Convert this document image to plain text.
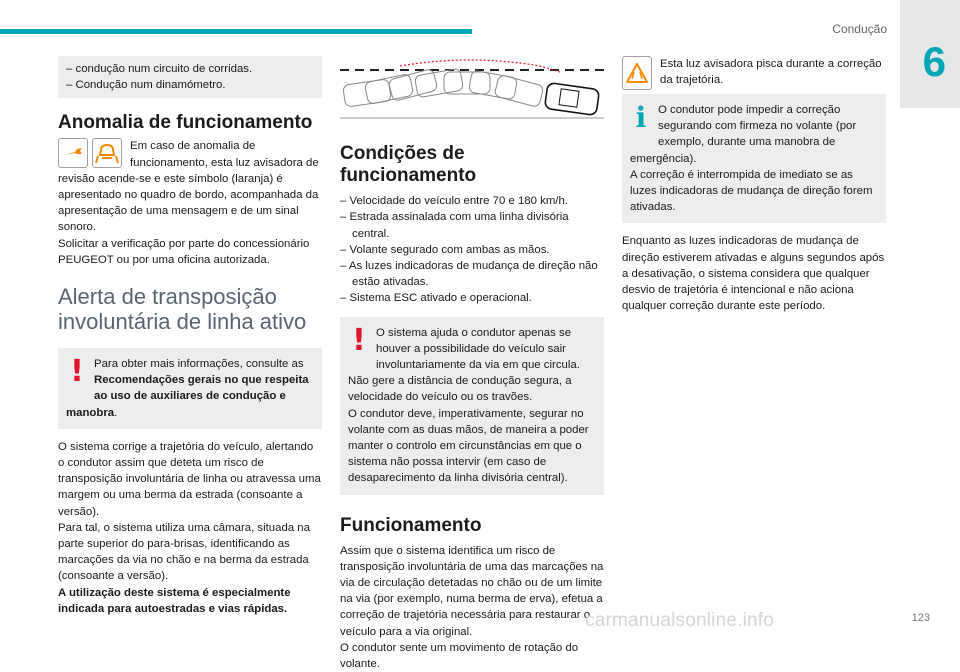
Condução
6
– condução num circuito de corridas.
– Condução num dinamómetro.
Anomalia de funcionamento

Em caso de anomalia de funcionamento, esta luz avisadora de revisão acende-se e este símbolo (laranja) é apresentado no quadro de bordo, acompanhada da apresentação de uma mensagem e de um sinal sonoro.

Solicitar a verificação por parte do concessionário PEUGEOT ou por uma oficina autorizada.

Alerta de transposição involuntária de linha ativo
! Para obter mais informações, consulte as Recomendações gerais no que respeita ao uso de auxiliares de condução e manobra.

O sistema corrige a trajetória do veículo, alertando o condutor assim que deteta um risco de transposição involuntária de linha ou atravessa uma margem ou uma berma da estrada (consoante a versão).

Para tal, o sistema utiliza uma câmara, situada na parte superior do para-brisas, identificando as marcações da via no chão e na berma da estrada (consoante a versão).

A utilização deste sistema é especialmente indicada para autoestradas e vias rápidas.

Condições de funcionamento
– Velocidade do veículo entre 70 e 180 km/h.
– Estrada assinalada com uma linha divisória central.
– Volante segurado com ambas as mãos.
– As luzes indicadoras de mudança de direção não estão ativadas.
– Sistema ESC ativado e operacional.
! O sistema ajuda o condutor apenas se houver a possibilidade do veículo sair involuntariamente da via em que circula. Não gere a distância de condução segura, a velocidade do veículo ou os travões.

O condutor deve, imperativamente, segurar no volante com as duas mãos, de maneira a poder manter o controlo em circunstâncias em que o sistema não possa intervir (em caso de desaparecimento da linha divisória central).

Funcionamento

Assim que o sistema identifica um risco de transposição involuntária de uma das marcações na via de circulação detetadas no chão ou de um limite na via (por exemplo, numa berma de erva), efetua a correção de trajetória necessária para restaurar o veículo para a via original.

O condutor sente um movimento de rotação do volante.

Esta luz avisadora pisca durante a correção da trajetória.

i	O condutor pode impedir a correção segurando com firmeza no volante (por exemplo, durante uma manobra de emergência).

A correção é interrompida de imediato se as luzes indicadoras de mudança de direção forem ativadas.

Enquanto as luzes indicadoras de mudança de direção estiverem ativadas e alguns segundos após a desativação, o sistema considera que qualquer desvio de trajetória é intencional e não aciona qualquer correção durante este período.

carmanualsonline.info	123
